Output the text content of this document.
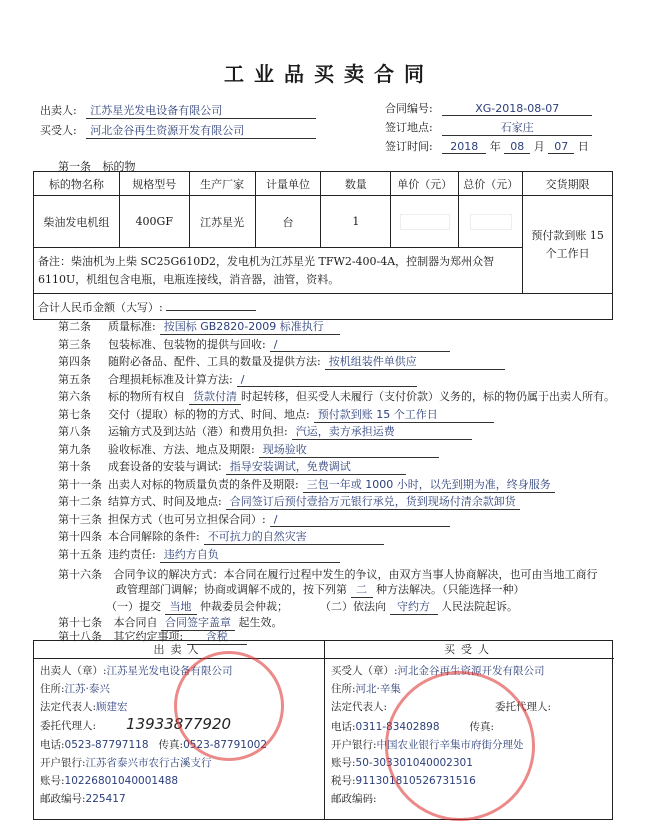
工业品买卖合同
出卖人: 江苏星光发电设备有限公司
买受人: 河北金谷再生资源开发有限公司
合同编号:	XG-2018-08-07
签订地点:	石家庄
签订时间: 2018 年 08 月 07 日
第一条 标的物
标的物名称	规格型号	生产厂家	计量单位	数量	单价（元）	总价（元）	交货期限
柴油发电机组	400GF	江苏星光	台	1			预付款到账 15 个工作日
备注：柴油机为上柴 SC25G610D2，发电机为江苏星光 TFW2-400-4A，控制器为郑州众智 6110U，机组包含电瓶，电瓶连接线，消音器，油管，资料。							
合计人民币金额（大写）:							
第二条 质量标准: 按国标 GB2820-2009 标准执行
第三条 包装标准、包装物的提供与回收: /
第四条 随附必备品、配件、工具的数量及提供方法: 按机组装件单供应
第五条 合理损耗标准及计算方法: /
第六条 标的物所有权自 货款付清 时起转移，但买受人未履行（支付价款）义务的，标的物仍属于出卖人所有。
第七条 交付（提取）标的物的方式、时间、地点: 预付款到账 15 个工作日
第八条 运输方式及到达站（港）和费用负担: 汽运，卖方承担运费
第九条 验收标准、方法、地点及期限: 现场验收
第十条 成套设备的安装与调试: 指导安装调试，免费调试
第十一条 出卖人对标的物质量负责的条件及期限: 三包一年或 1000 小时，以先到期为准，终身服务
第十二条 结算方式、时间及地点: 合同签订后预付壹拾万元银行承兑，货到现场付清余款卸货
第十三条 担保方式（也可另立担保合同）: /
第十四条 本合同解除的条件: 不可抗力的自然灾害
第十五条 违约责任: 违约方自负
第十六条 合同争议的解决方式：本合同在履行过程中发生的争议，由双方当事人协商解决，也可由当地工商行
政管理部门调解；协商或调解不成的，按下列第 二 种方法解决。（只能选择一种）
（一）提交 当地 仲裁委员会仲裁；	（二）依法向 守约方 人民法院起诉。
第十七条 本合同自 合同签字盖章 起生效。
第十八条 其它约定事项: 含税
出卖人
出卖人（章）:江苏星光发电设备有限公司
住所:江苏·泰兴
法定代表人:顾建宏
委托代理人: 13933877920
电话:0523-87797118 传真:0523-87791002
开户银行:江苏省泰兴市农行古溪支行
账号:10226801040001488
邮政编号:225417
买受人
买受人（章）:河北金谷再生资源开发有限公司
住所:河北·辛集
法定代表人:	委托代理人:
电话:0311-83402898	传真:
开户银行:中国农业银行辛集市府街分理处
账号:50-303301040002301
税号:911301810526731516
邮政编码:
